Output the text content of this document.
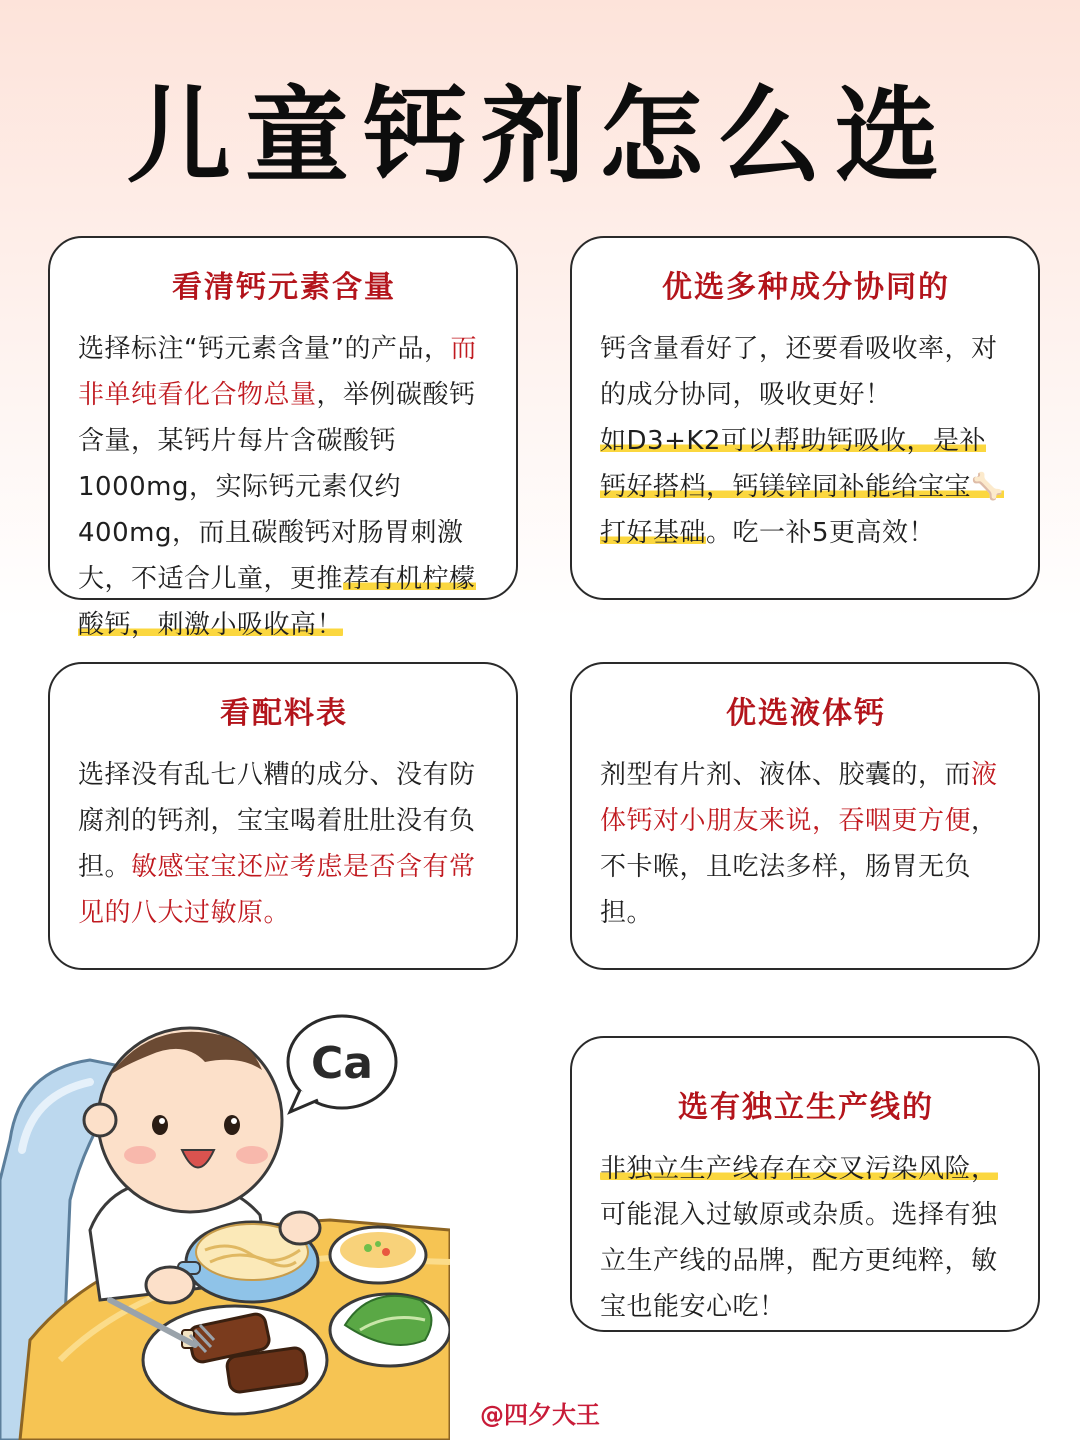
儿童钙剂怎么选
看清钙元素含量
选择标注“钙元素含量”的产品，而非单纯看化合物总量，举例碳酸钙含量，某钙片每片含碳酸钙1000mg，实际钙元素仅约400mg，而且碳酸钙对肠胃刺激大，不适合儿童，更推荐有机柠檬酸钙，刺激小吸收高！
优选多种成分协同的
钙含量看好了，还要看吸收率，对的成分协同，吸收更好！
如D3+K2可以帮助钙吸收，是补钙好搭档，钙镁锌同补能给宝宝🦴打好基础。吃一补5更高效！
看配料表
选择没有乱七八糟的成分、没有防腐剂的钙剂，宝宝喝着肚肚没有负担。敏感宝宝还应考虑是否含有常见的八大过敏原。
优选液体钙
剂型有片剂、液体、胶囊的，而液体钙对小朋友来说，吞咽更方便，不卡喉，且吃法多样，肠胃无负担。
选有独立生产线的
非独立生产线存在交叉污染风险，可能混入过敏原或杂质。选择有独立生产线的品牌，配方更纯粹，敏宝也能安心吃！
Ca
@四夕大王
